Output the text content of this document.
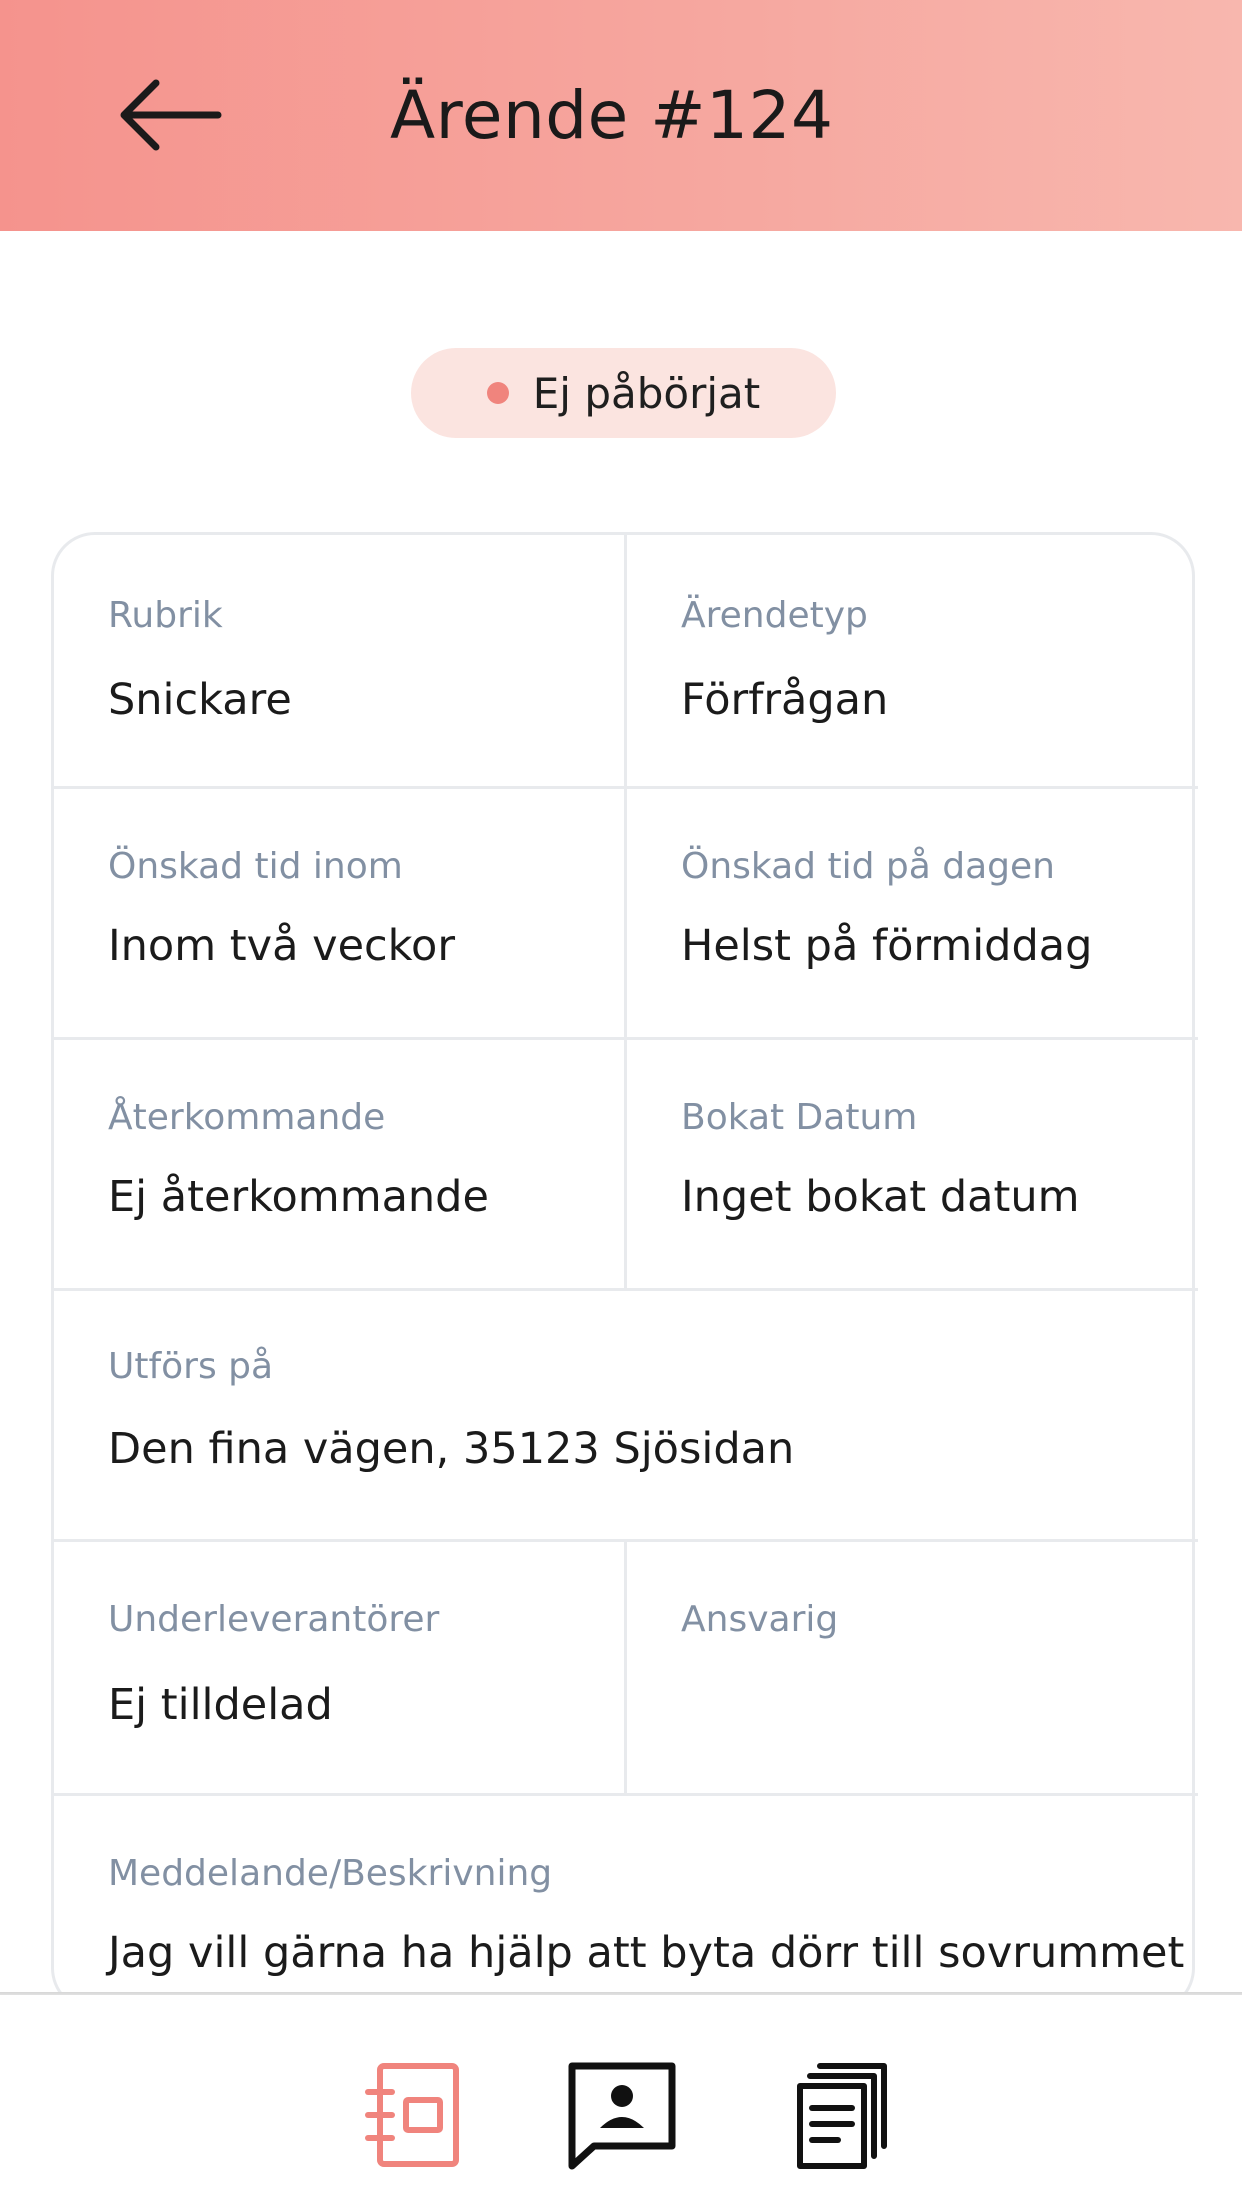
Ärende #124
Ej påbörjat
Rubrik
Snickare
Ärendetyp
Förfrågan
Önskad tid inom
Inom två veckor
Önskad tid på dagen
Helst på förmiddag
Återkommande
Ej återkommande
Bokat Datum
Inget bokat datum
Utförs på
Den fina vägen, 35123 Sjösidan
Underleverantörer
Ej tilldelad
Ansvarig
Meddelande/Beskrivning
Jag vill gärna ha hjälp att byta dörr till sovrummet
